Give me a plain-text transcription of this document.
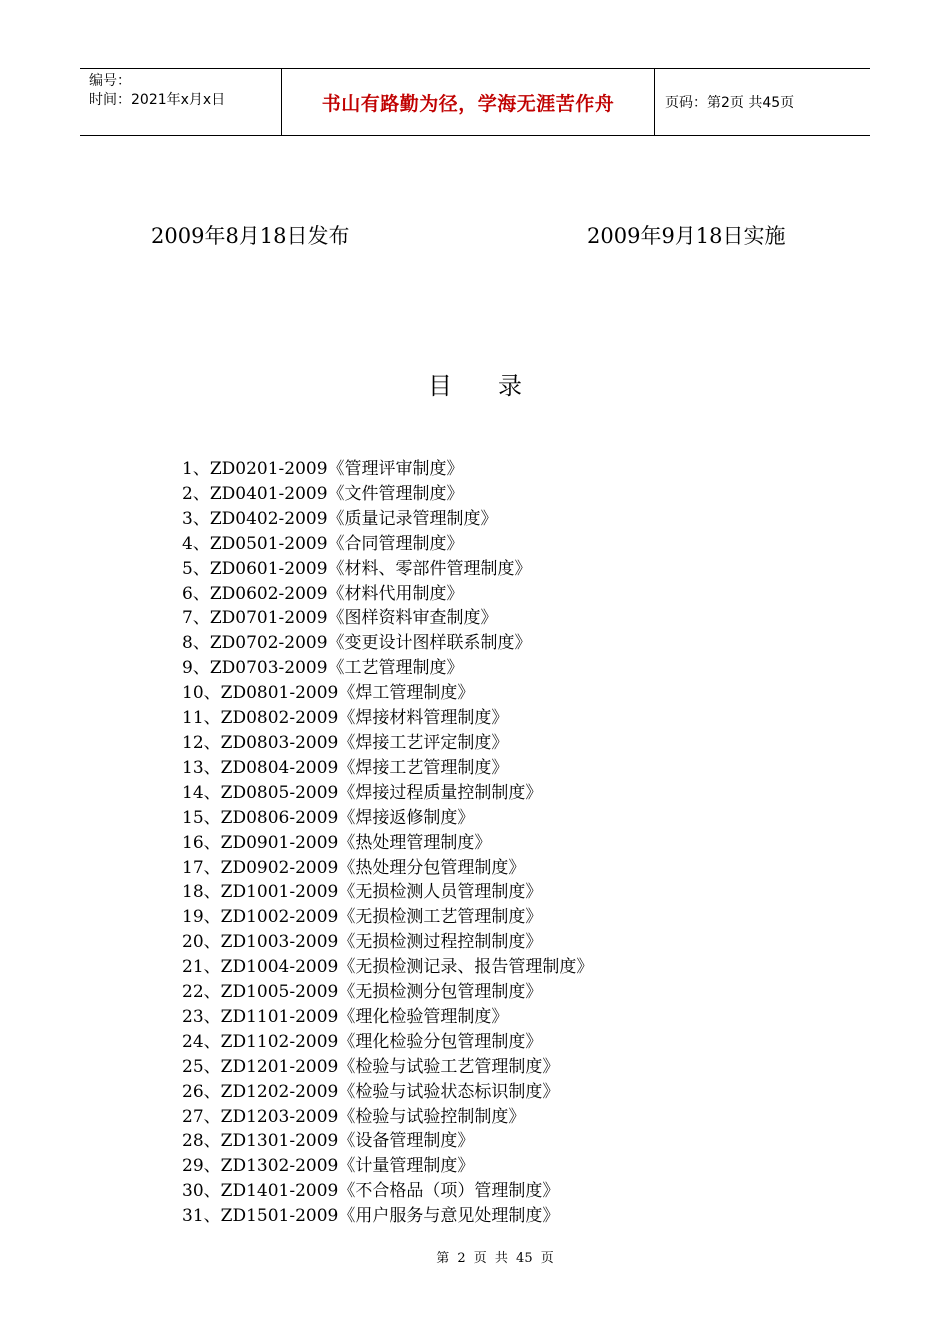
编号：
时间：2021年x月x日	书山有路勤为径，学海无涯苦作舟	页码：第2页 共45页
2009年8月18日发布	2009年9月18日实施
目录
1、ZD0201-2009《管理评审制度》
2、ZD0401-2009《文件管理制度》
3、ZD0402-2009《质量记录管理制度》
4、ZD0501-2009《合同管理制度》
5、ZD0601-2009《材料、零部件管理制度》
6、ZD0602-2009《材料代用制度》
7、ZD0701-2009《图样资料审查制度》
8、ZD0702-2009《变更设计图样联系制度》
9、ZD0703-2009《工艺管理制度》
10、ZD0801-2009《焊工管理制度》
11、ZD0802-2009《焊接材料管理制度》
12、ZD0803-2009《焊接工艺评定制度》
13、ZD0804-2009《焊接工艺管理制度》
14、ZD0805-2009《焊接过程质量控制制度》
15、ZD0806-2009《焊接返修制度》
16、ZD0901-2009《热处理管理制度》
17、ZD0902-2009《热处理分包管理制度》
18、ZD1001-2009《无损检测人员管理制度》
19、ZD1002-2009《无损检测工艺管理制度》
20、ZD1003-2009《无损检测过程控制制度》
21、ZD1004-2009《无损检测记录、报告管理制度》
22、ZD1005-2009《无损检测分包管理制度》
23、ZD1101-2009《理化检验管理制度》
24、ZD1102-2009《理化检验分包管理制度》
25、ZD1201-2009《检验与试验工艺管理制度》
26、ZD1202-2009《检验与试验状态标识制度》
27、ZD1203-2009《检验与试验控制制度》
28、ZD1301-2009《设备管理制度》
29、ZD1302-2009《计量管理制度》
30、ZD1401-2009《不合格品（项）管理制度》
31、ZD1501-2009《用户服务与意见处理制度》
第 2 页 共 45 页
